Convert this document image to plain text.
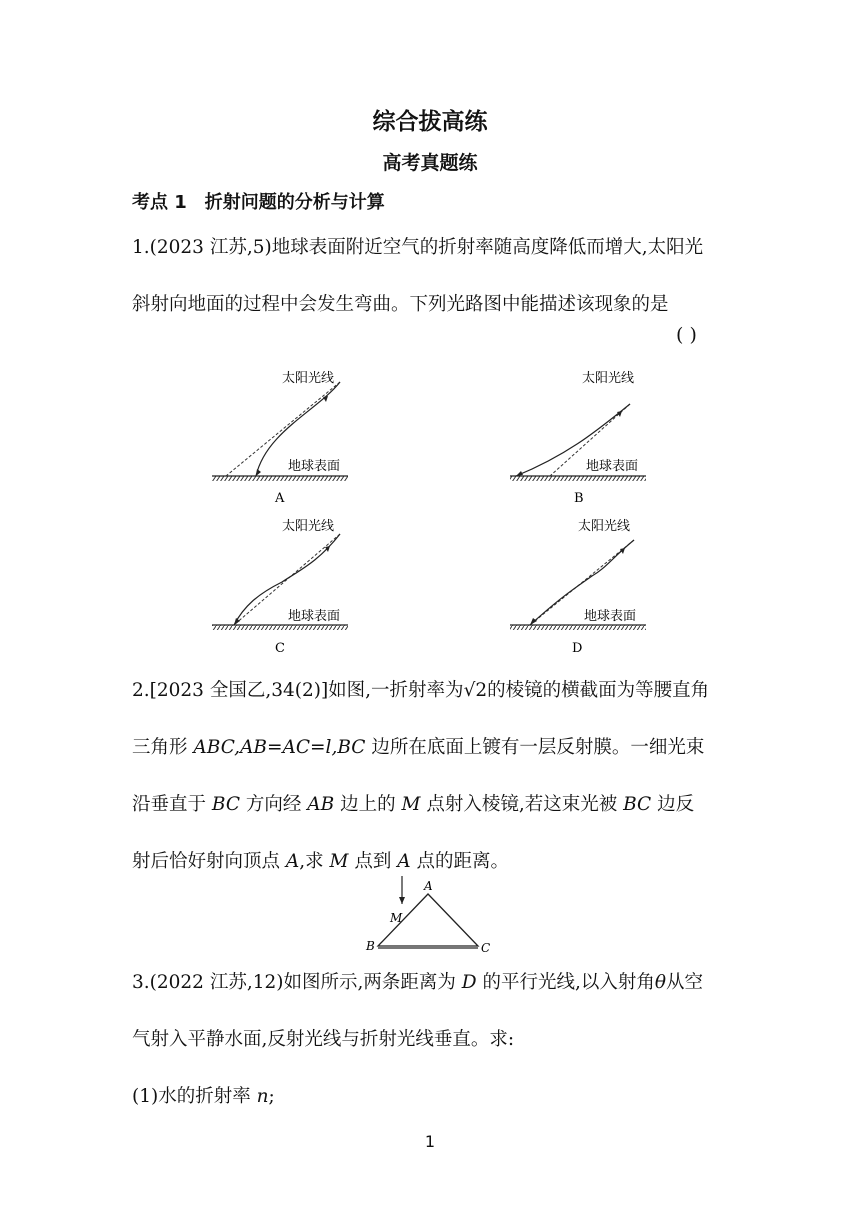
综合拔高练
高考真题练
考点 1 折射问题的分析与计算
1.(2023 江苏,5)地球表面附近空气的折射率随高度降低而增大,太阳光
斜射向地面的过程中会发生弯曲。下列光路图中能描述该现象的是
( )
太阳光线
地球表面
A
太阳光线
地球表面
B
太阳光线
地球表面
C
太阳光线
地球表面
D
2.[2023 全国乙,34(2)]如图,一折射率为√2的棱镜的横截面为等腰直角
三角形 ABC,AB=AC=l,BC 边所在底面上镀有一层反射膜。一细光束
沿垂直于 BC 方向经 AB 边上的 M 点射入棱镜,若这束光被 BC 边反
射后恰好射向顶点 A,求 M 点到 A 点的距离。
A
M
B	C
3.(2022 江苏,12)如图所示,两条距离为 D 的平行光线,以入射角θ从空
气射入平静水面,反射光线与折射光线垂直。求:
(1)水的折射率 n;
1
